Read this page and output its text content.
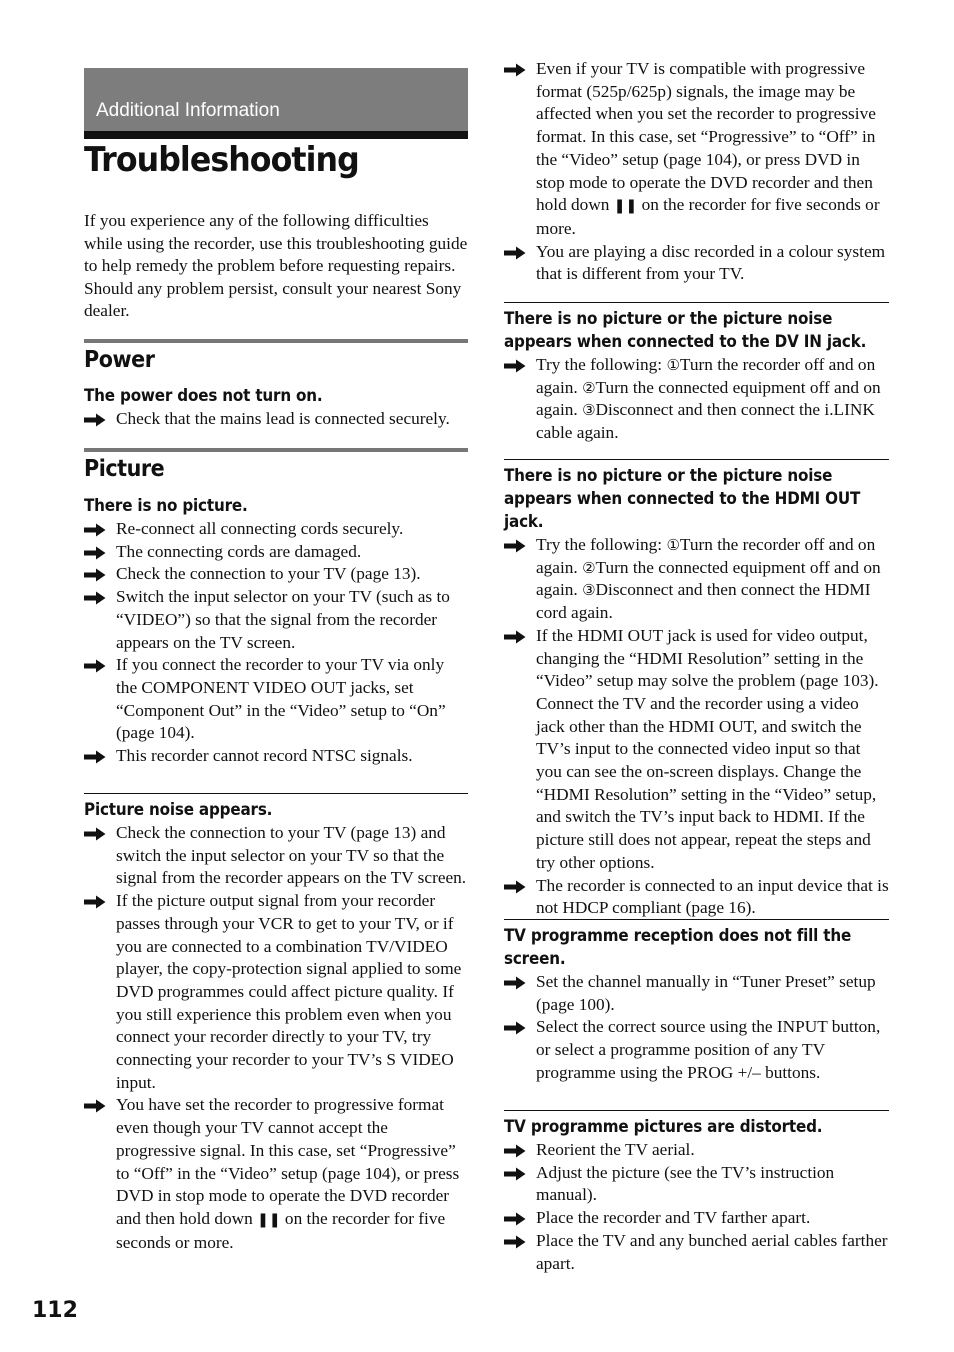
Additional Information
Troubleshooting

If you experience any of the following difficulties while using the recorder, use this troubleshooting guide to help remedy the problem before requesting repairs. Should any problem persist, consult your nearest Sony dealer.

Power

The power does not turn on.

Check that the mains lead is connected securely.
Picture

There is no picture.

Re-connect all connecting cords securely.
The connecting cords are damaged.
Check the connection to your TV (page 13).
Switch the input selector on your TV (such as to “VIDEO”) so that the signal from the recorder appears on the TV screen.
If you connect the recorder to your TV via only the COMPONENT VIDEO OUT jacks, set “Component Out” in the “Video” setup to “On” (page 104).
This recorder cannot record NTSC signals.

Picture noise appears.

Check the connection to your TV (page 13) and switch the input selector on your TV so that the signal from the recorder appears on the TV screen.
If the picture output signal from your recorder passes through your VCR to get to your TV, or if you are connected to a combination TV/VIDEO player, the copy-protection signal applied to some DVD programmes could affect picture quality. If you still experience this problem even when you connect your recorder directly to your TV, try connecting your recorder to your TV’s S VIDEO input.
You have set the recorder to progressive format even though your TV cannot accept the progressive signal. In this case, set “Progressive” to “Off” in the “Video” setup (page 104), or press DVD in stop mode to operate the DVD recorder and then hold down ❚❚ on the recorder for five seconds or more.
Even if your TV is compatible with progressive format (525p/625p) signals, the image may be affected when you set the recorder to progressive format. In this case, set “Progressive” to “Off” in the “Video” setup (page 104), or press DVD in stop mode to operate the DVD recorder and then hold down ❚❚ on the recorder for five seconds or more.
You are playing a disc recorded in a colour system that is different from your TV.

There is no picture or the picture noise appears when connected to the DV IN jack.

Try the following: ①Turn the recorder off and on again. ②Turn the connected equipment off and on again. ③Disconnect and then connect the i.LINK cable again.

There is no picture or the picture noise appears when connected to the HDMI OUT jack.

Try the following: ①Turn the recorder off and on again. ②Turn the connected equipment off and on again. ③Disconnect and then connect the HDMI cord again.
If the HDMI OUT jack is used for video output, changing the “HDMI Resolution” setting in the “Video” setup may solve the problem (page 103). Connect the TV and the recorder using a video jack other than the HDMI OUT, and switch the TV’s input to the connected video input so that you can see the on-screen displays. Change the “HDMI Resolution” setting in the “Video” setup, and switch the TV’s input back to HDMI. If the picture still does not appear, repeat the steps and try other options.
The recorder is connected to an input device that is not HDCP compliant (page 16).

TV programme reception does not fill the screen.

Set the channel manually in “Tuner Preset” setup (page 100).
Select the correct source using the INPUT button, or select a programme position of any TV programme using the PROG +/– buttons.

TV programme pictures are distorted.

Reorient the TV aerial.
Adjust the picture (see the TV’s instruction manual).
Place the recorder and TV farther apart.
Place the TV and any bunched aerial cables farther apart.
112
